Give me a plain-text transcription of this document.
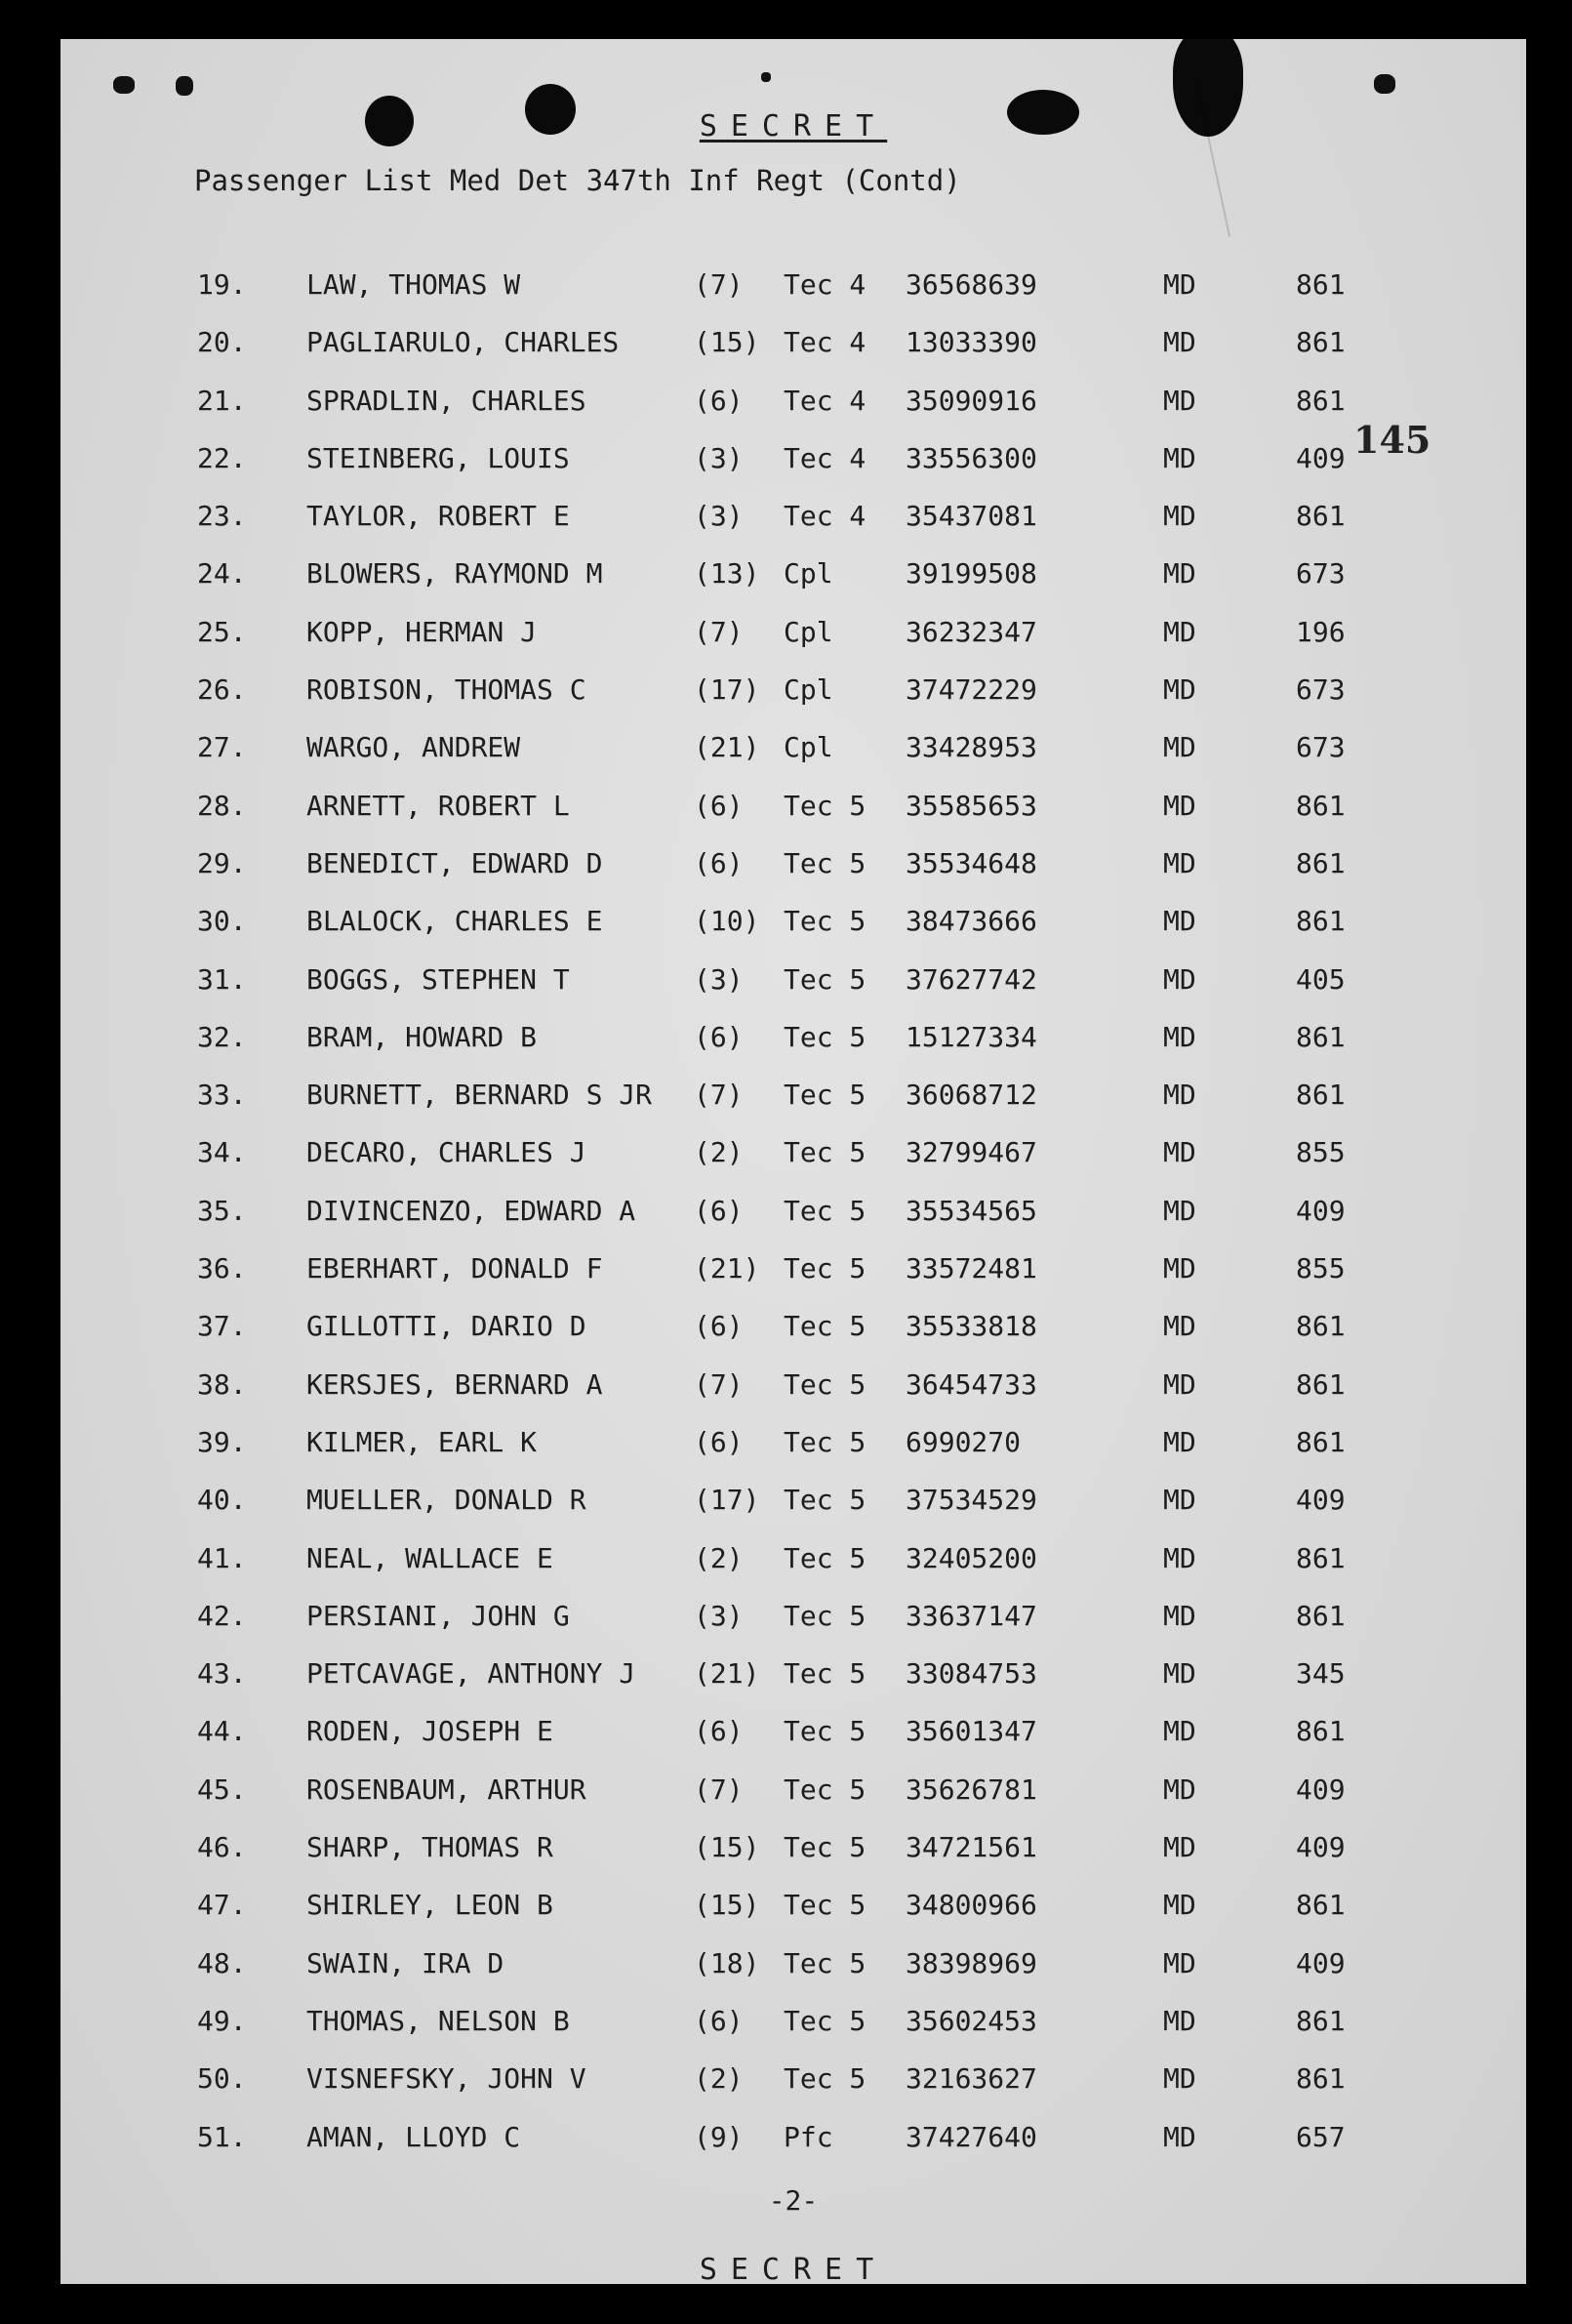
SECRET
Passenger List Med Det 347th Inf Regt (Contd)
145
19. LAW, THOMAS W	(7) Tec 4 36568639	MD	861
20. PAGLIARULO, CHARLES	(15) Tec 4 13033390	MD	861
21. SPRADLIN, CHARLES	(6) Tec 4 35090916	MD	861
22. STEINBERG, LOUIS	(3) Tec 4 33556300	MD	409
23. TAYLOR, ROBERT E	(3) Tec 4 35437081	MD	861
24. BLOWERS, RAYMOND M	(13) Cpl	39199508	MD	673
25. KOPP, HERMAN J	(7) Cpl	36232347	MD	196
26. ROBISON, THOMAS C	(17) Cpl	37472229	MD	673
27. WARGO, ANDREW	(21) Cpl	33428953	MD	673
28. ARNETT, ROBERT L	(6) Tec 5 35585653	MD	861
29. BENEDICT, EDWARD D	(6) Tec 5 35534648	MD	861
30. BLALOCK, CHARLES E	(10) Tec 5 38473666	MD	861
31. BOGGS, STEPHEN T	(3) Tec 5 37627742	MD	405
32. BRAM, HOWARD B	(6) Tec 5 15127334	MD	861
33. BURNETT, BERNARD S JR (7) Tec 5 36068712	MD	861
34. DECARO, CHARLES J	(2) Tec 5 32799467	MD	855
35. DIVINCENZO, EDWARD A (6) Tec 5 35534565	MD	409
36. EBERHART, DONALD F	(21) Tec 5 33572481	MD	855
37. GILLOTTI, DARIO D	(6) Tec 5 35533818	MD	861
38. KERSJES, BERNARD A	(7) Tec 5 36454733	MD	861
39. KILMER, EARL K	(6) Tec 5 6990270	MD	861
40. MUELLER, DONALD R	(17) Tec 5 37534529	MD	409
41. NEAL, WALLACE E	(2) Tec 5 32405200	MD	861
42. PERSIANI, JOHN G	(3) Tec 5 33637147	MD	861
43. PETCAVAGE, ANTHONY J (21) Tec 5 33084753	MD	345
44. RODEN, JOSEPH E	(6) Tec 5 35601347	MD	861
45. ROSENBAUM, ARTHUR	(7) Tec 5 35626781	MD	409
46. SHARP, THOMAS R	(15) Tec 5 34721561	MD	409
47. SHIRLEY, LEON B	(15) Tec 5 34800966	MD	861
48. SWAIN, IRA D	(18) Tec 5 38398969	MD	409
49. THOMAS, NELSON B	(6) Tec 5 35602453	MD	861
50. VISNEFSKY, JOHN V	(2) Tec 5 32163627	MD	861
51. AMAN, LLOYD C	(9) Pfc	37427640	MD	657
-2-
SECRET
